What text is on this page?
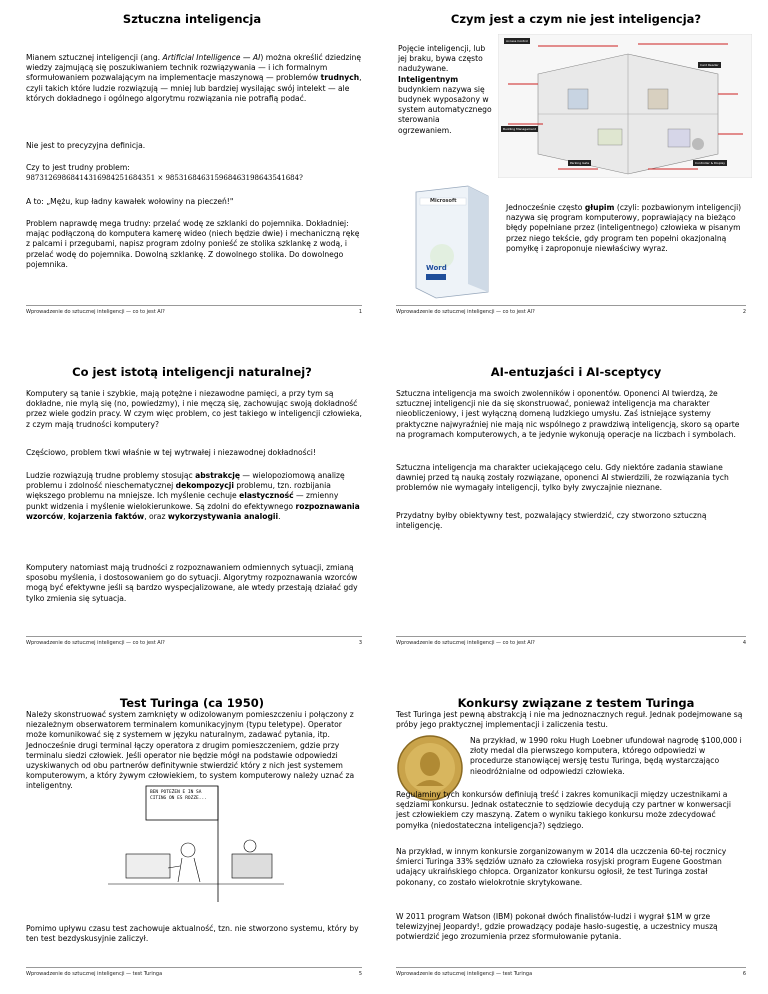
Sztuczna inteligencja
Mianem sztucznej inteligencji (ang. Artificial Intelligence — AI) można określić dziedzinę wiedzy zajmującą się poszukiwaniem technik rozwiązywania — i ich formalnym sformułowaniem pozwalającym na implementacje maszynową — problemów trudnych, czyli takich które ludzie rozwiązują — mniej lub bardziej wysilając swój intelekt — ale których dokładnego i ogólnego algorytmu rozwiązania nie potrafią podać.
Nie jest to precyzyjna definicja.
Czy to jest trudny problem:
98731269868414316984251684351 × 98531684631596846319864354168​4?
A to: „Mężu, kup ładny kawałek wołowiny na pieczeń!"
Problem naprawdę mega trudny: przelać wodę ze szklanki do pojemnika. Dokładniej: mając podłączoną do komputera kamerę wideo (niech będzie dwie) i mechaniczną rękę z palcami i przegubami, napisz program zdolny ponieść ze stolika szklankę z wodą, i przelać wodę do pojemnika. Dowolną szklankę. Z dowolnego stolika. Do dowolnego pojemnika.
Wprowadzenie do sztucznej inteligencji — co to jest AI?	1
Czym jest a czym nie jest inteligencja?
Pojęcie inteligencji, lub jej braku, bywa często nadużywane. Inteligentnym budynkiem nazywa się budynek wyposażony w system automatycznego sterowania ogrzewaniem.
Access Control
Building Management
Card Reader
Parking Gate	Controller & Display
Microsoft
Word
Jednocześnie często głupim (czyli: pozbawionym inteligencji) nazywa się program komputerowy, poprawiający na bieżąco błędy popełniane przez (inteligentnego) człowieka w pisanym przez niego tekście, gdy program ten popełni okazjonalną pomyłkę i zaproponuje niewłaściwy wyraz.
Wprowadzenie do sztucznej inteligencji — co to jest AI?	2
Co jest istotą inteligencji naturalnej?
Komputery są tanie i szybkie, mają potężne i niezawodne pamięci, a przy tym są dokładne, nie mylą się (no, powiedzmy), i nie męczą się, zachowując swoją dokładność przez wiele godzin pracy. W czym więc problem, co jest takiego w inteligencji człowieka, z czym mają trudności komputery?
Częściowo, problem tkwi właśnie w tej wytrwałej i niezawodnej dokładności!
Ludzie rozwiązują trudne problemy stosując abstrakcję — wielopoziomową analizę problemu i zdolność nieschematycznej dekompozycji problemu, tzn. rozbijania większego problemu na mniejsze. Ich myślenie cechuje elastyczność — zmienny punkt widzenia i myślenie wielokierunkowe. Są zdolni do efektywnego rozpoznawania wzorców, kojarzenia faktów, oraz wykorzystywania analogii.
Komputery natomiast mają trudności z rozpoznawaniem odmiennych sytuacji, zmianą sposobu myślenia, i dostosowaniem go do sytuacji. Algorytmy rozpoznawania wzorców mogą być efektywne jeśli są bardzo wyspecjalizowane, ale wtedy przestają działać gdy tylko zmienia się sytuacja.
Wprowadzenie do sztucznej inteligencji — co to jest AI?	3
AI-entuzjaści i AI-sceptycy
Sztuczna inteligencja ma swoich zwolenników i oponentów. Oponenci AI twierdzą, że sztucznej inteligencji nie da się skonstruować, ponieważ inteligencja ma charakter nieobliczeniowy, i jest wyłączną domeną ludzkiego umysłu. Zaś istniejące systemy praktyczne najwyraźniej nie mają nic wspólnego z prawdziwą inteligencją, skoro są oparte na programach komputerowych, a te jedynie wykonują operacje na liczbach i symbolach.
Sztuczna inteligencja ma charakter uciekającego celu. Gdy niektóre zadania stawiane dawniej przed tą nauką zostały rozwiązane, oponenci AI stwierdzili, że rozwiązania tych problemów nie wymagały inteligencji, tylko były zwyczajnie nieznane.
Przydatny byłby obiektywny test, pozwalający stwierdzić, czy stworzono sztuczną inteligencję.
Wprowadzenie do sztucznej inteligencji — co to jest AI?	4
Test Turinga (ca 1950)
Należy skonstruować system zamknięty w odizolowanym pomieszczeniu i połączony z niezależnym obserwatorem terminalem komunikacyjnym (typu teletype). Operator może komunikować się z systemem w języku naturalnym, zadawać pytania, itp. Jednocześnie drugi terminal łączy operatora z drugim pomieszczeniem, gdzie przy terminalu siedzi człowiek. Jeśli operator nie będzie mógł na podstawie odpowiedzi uzyskiwanych od obu partnerów definitywnie stwierdzić który z nich jest systemem komputerowym, a który żywym człowiekiem, to system komputerowy należy uznać za inteligentny.
BEN POTEŻEN E IN SA CITING ON ES ROZZE...
Pomimo upływu czasu test zachowuje aktualność, tzn. nie stworzono systemu, który by ten test bezdyskusyjnie zaliczył.
Wprowadzenie do sztucznej inteligencji — test Turinga	5
Konkursy związane z testem Turinga
Test Turinga jest pewną abstrakcją i nie ma jednoznacznych reguł. Jednak podejmowane są próby jego praktycznej implementacji i zaliczenia testu.
Na przykład, w 1990 roku Hugh Loebner ufundował nagrodę $100,000 i złoty medal dla pierwszego komputera, którego odpowiedzi w procedurze stanowiącej wersję testu Turinga, będą wystarczająco nieodróżnialne od odpowiedzi człowieka.
Regulaminy tych konkursów definiują treść i zakres komunikacji między uczestnikami a sędziami konkursu. Jednak ostatecznie to sędziowie decydują czy partner w konwersacji jest człowiekiem czy maszyną. Zatem o wyniku takiego konkursu może zdecydować pomyłka (niedostateczna inteligencja?) sędziego.
Na przykład, w innym konkursie zorganizowanym w 2014 dla uczczenia 60-tej rocznicy śmierci Turinga 33% sędziów uznało za człowieka rosyjski program Eugene Goostman udający ukraińskiego chłopca. Organizator konkursu ogłosił, że test Turinga został pokonany, co zostało wielokrotnie skrytykowane.
W 2011 program Watson (IBM) pokonał dwóch finalistów-ludzi i wygrał $1M w grze telewizyjnej Jeopardy!, gdzie prowadzący podaje hasło-sugestię, a uczestnicy muszą potwierdzić jego zrozumienia przez sformułowanie pytania.
Wprowadzenie do sztucznej inteligencji — test Turinga	6
